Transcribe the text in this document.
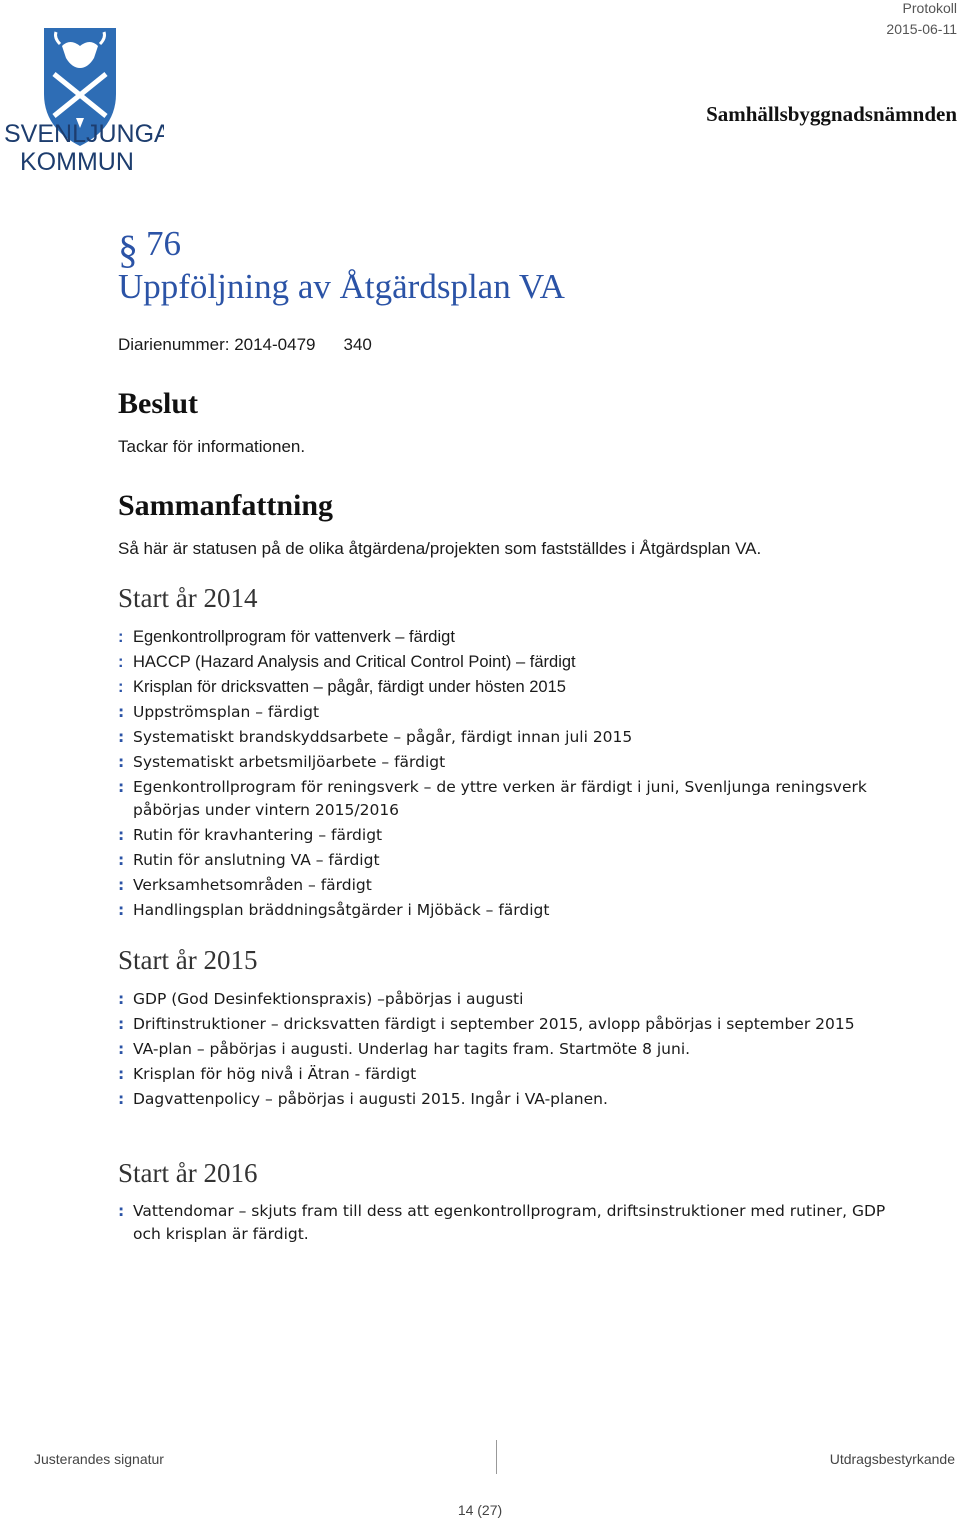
SVENLJUNGA
KOMMUN
Protokoll
2015-06-11
Samhällsbyggnadsnämnden
§ 76
Uppföljning av Åtgärdsplan VA
Diarienummer: 2014-0479 340
Beslut
Tackar för informationen.
Sammanfattning
Så här är statusen på de olika åtgärdena/projekten som fastställdes i Åtgärdsplan VA.
Start år 2014
: Egenkontrollprogram för vattenverk – färdigt
: HACCP (Hazard Analysis and Critical Control Point) – färdigt
: Krisplan för dricksvatten – pågår, färdigt under hösten 2015
: Uppströmsplan – färdigt
: Systematiskt brandskyddsarbete – pågår, färdigt innan juli 2015
: Systematiskt arbetsmiljöarbete – färdigt
: Egenkontrollprogram för reningsverk – de yttre verken är färdigt i juni, Svenljunga reningsverk påbörjas under vintern 2015/2016
: Rutin för kravhantering – färdigt
: Rutin för anslutning VA – färdigt
: Verksamhetsområden – färdigt
: Handlingsplan bräddningsåtgärder i Mjöbäck – färdigt
Start år 2015
: GDP (God Desinfektionspraxis) –påbörjas i augusti
: Driftinstruktioner – dricksvatten färdigt i september 2015, avlopp påbörjas i september 2015
: VA-plan – påbörjas i augusti. Underlag har tagits fram. Startmöte 8 juni.
: Krisplan för hög nivå i Ätran - färdigt
: Dagvattenpolicy – påbörjas i augusti 2015. Ingår i VA-planen.
Start år 2016
: Vattendomar – skjuts fram till dess att egenkontrollprogram, driftsinstruktioner med rutiner, GDP och krisplan är färdigt.
Justerandes signatur	Utdragsbestyrkande
14 (27)
